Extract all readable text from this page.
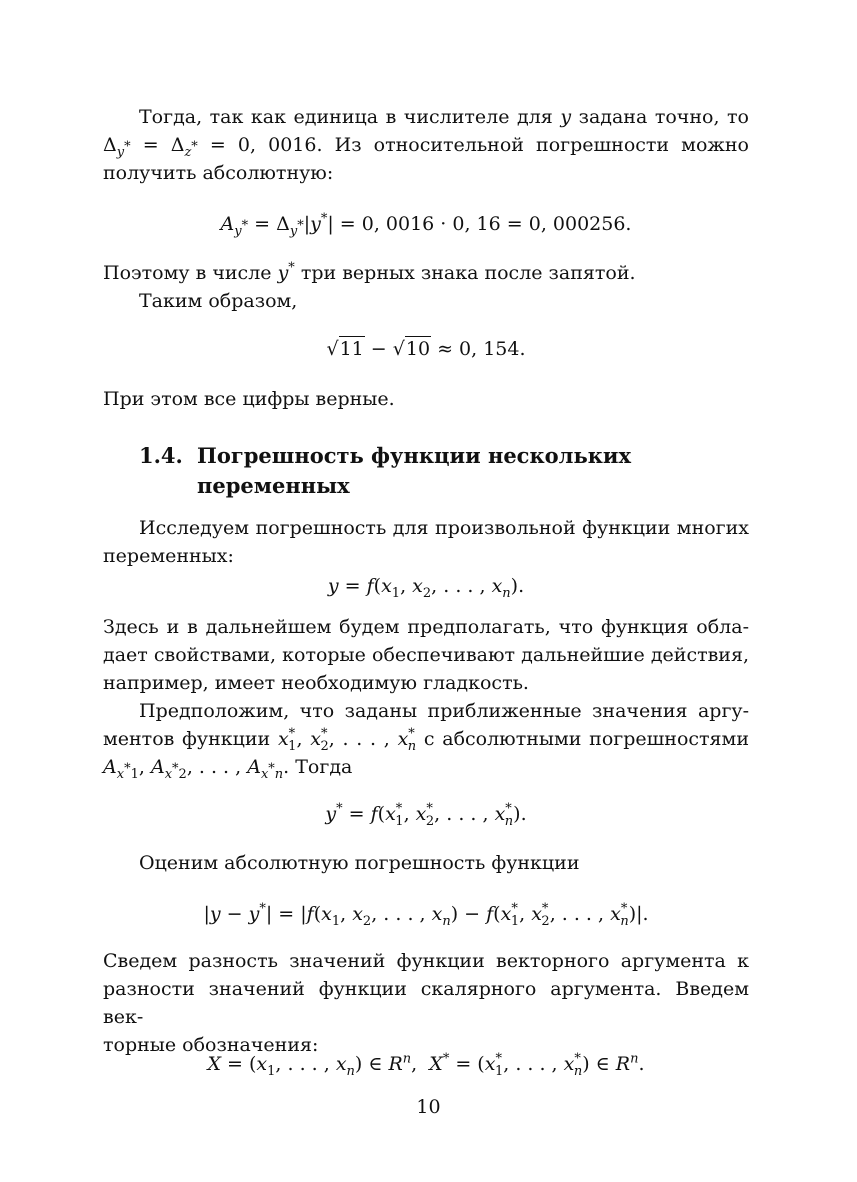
Тогда, так как единица в числителе для y задана точно, то

$\Delta_{y^*} = \Delta_{z^*} = 0$, 0016. Из относительной погрешности можно

получить абсолютную:

$A_{y^*} = \Delta_{y^*}|y^*| = 0$, 0016 · 0, 16 = 0, 000256.

Поэтому в числе y* три верных знака после запятой.

Таким образом,

√11 − √10 ≈ 0, 154.

При этом все цифры верные.

1.4. Погрешность функции нескольких
переменных

Исследуем погрешность для произвольной функции многих

переменных:

$y = f(x_1$, $x_2$, . . . , $x_n$).

Здесь и в дальнейшем будем предполагать, что функция обла-

дает свойствами, которые обеспечивают дальнейшие действия,

например, имеет необходимую гладкость.

Предположим, что заданы приближенные значения аргу-

ментов функции $x^*_1$, $x^*_2$, . . . , $x^*_n$ с абсолютными погрешностями

$A_{x^*1}$, $A_{x^*2}$, . . . , $A_{x^*n}$. Тогда

$y^* = f(x^*_1$, $x^*_2$, . . . , $x^*_n$).

Оценим абсолютную погрешность функции

$|y - y^*| = |f(x_1$, $x_2$, . . . , $x_n) - f(x^*_1$, $x^*_2$, . . . , $x^*_n)|$.

Сведем разность значений функции векторного аргумента к

разности значений функции скалярного аргумента. Введем век-

торные обозначения:

$X = (x_1$, . . . , $x_n$) ∈ $R^n$,  $X^* = (x^*_1$, . . . , $x^*_n$) ∈ $R^n$.

10
